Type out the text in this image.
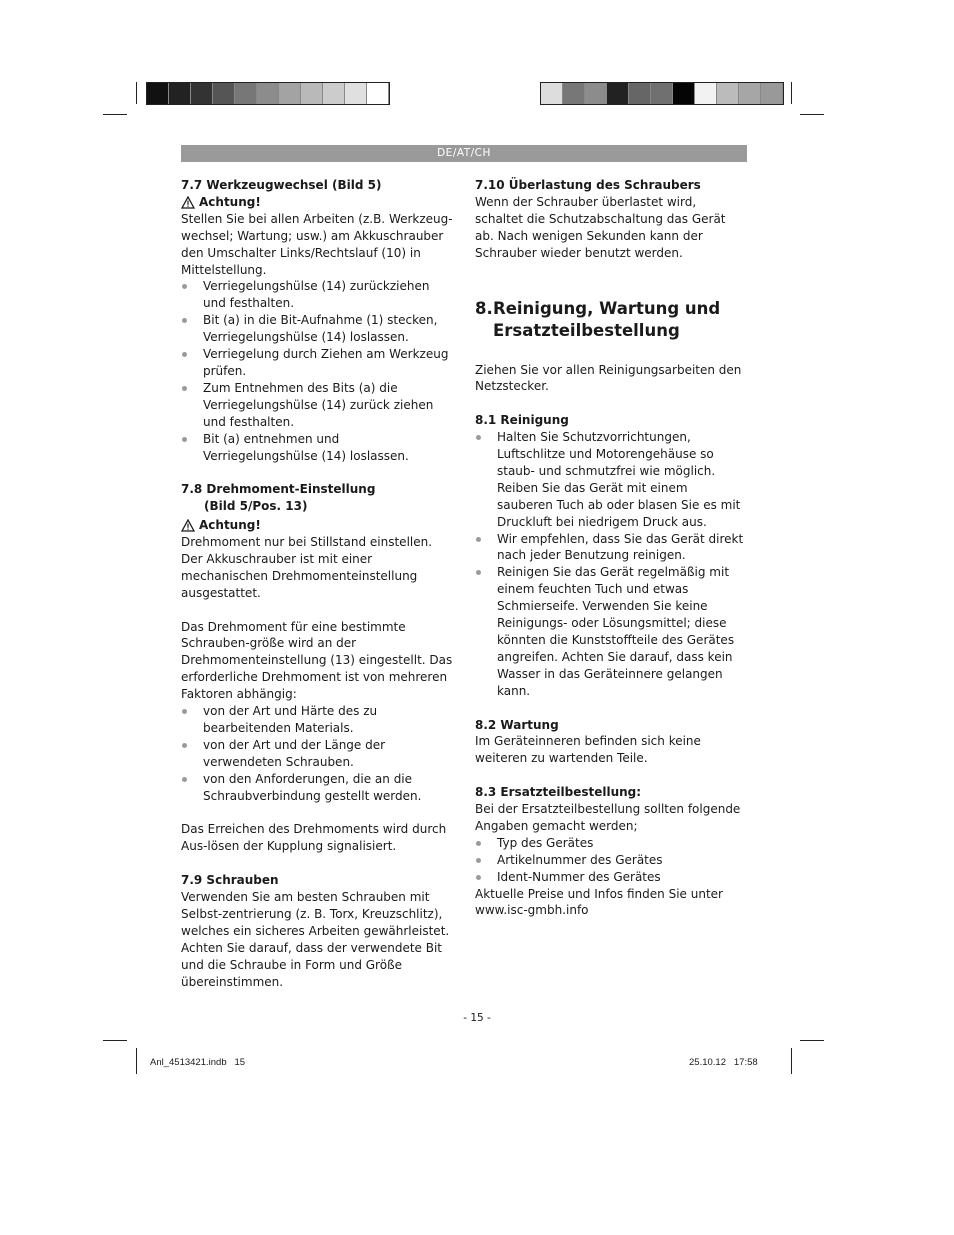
DE/AT/CH

7.7 Werkzeugwechsel (Bild 5)

Achtung!

Stellen Sie bei allen Arbeiten (z.B. Werkzeug-wechsel; Wartung; usw.) am Akkuschrauber den Umschalter Links/Rechtslauf (10) in Mittelstellung.

Verriegelungshülse (14) zurückziehen und festhalten.
Bit (a) in die Bit-Aufnahme (1) stecken, Verriegelungshülse (14) loslassen.
Verriegelung durch Ziehen am Werkzeug prüfen.
Zum Entnehmen des Bits (a) die Verriegelungshülse (14) zurück ziehen und festhalten.
Bit (a) entnehmen und Verriegelungshülse (14) loslassen.

7.8 Drehmoment-Einstellung

(Bild 5/Pos. 13)

Achtung!

Drehmoment nur bei Stillstand einstellen.

Der Akkuschrauber ist mit einer mechanischen Drehmomenteinstellung ausgestattet.

Das Drehmoment für eine bestimmte Schrauben-größe wird an der Drehmomenteinstellung (13) eingestellt. Das erforderliche Drehmoment ist von mehreren Faktoren abhängig:

von der Art und Härte des zu bearbeitenden Materials.
von der Art und der Länge der verwendeten Schrauben.
von den Anforderungen, die an die Schraubverbindung gestellt werden.

Das Erreichen des Drehmoments wird durch Aus-lösen der Kupplung signalisiert.

7.9 Schrauben

Verwenden Sie am besten Schrauben mit Selbst-zentrierung (z. B. Torx, Kreuzschlitz), welches ein sicheres Arbeiten gewährleistet. Achten Sie darauf, dass der verwendete Bit und die Schraube in Form und Größe übereinstimmen.

7.10 Überlastung des Schraubers

Wenn der Schrauber überlastet wird, schaltet die Schutzabschaltung das Gerät ab. Nach wenigen Sekunden kann der Schrauber wieder benutzt werden.

8. Reinigung, Wartung und
Ersatzteilbestellung

Ziehen Sie vor allen Reinigungsarbeiten den Netzstecker.

8.1 Reinigung

Halten Sie Schutzvorrichtungen, Luftschlitze und Motorengehäuse so staub- und schmutzfrei wie möglich. Reiben Sie das Gerät mit einem sauberen Tuch ab oder blasen Sie es mit Druckluft bei niedrigem Druck aus.
Wir empfehlen, dass Sie das Gerät direkt nach jeder Benutzung reinigen.
Reinigen Sie das Gerät regelmäßig mit einem feuchten Tuch und etwas Schmierseife. Verwenden Sie keine Reinigungs- oder Lösungsmittel; diese könnten die Kunststoffteile des Gerätes angreifen. Achten Sie darauf, dass kein Wasser in das Geräteinnere gelangen kann.

8.2 Wartung

Im Geräteinneren befinden sich keine weiteren zu wartenden Teile.

8.3 Ersatzteilbestellung:

Bei der Ersatzteilbestellung sollten folgende Angaben gemacht werden;

Typ des Gerätes
Artikelnummer des Gerätes
Ident-Nummer des Gerätes

Aktuelle Preise und Infos finden Sie unter www.isc-gmbh.info

- 15 -
Anl_4513421.indb   15	25.10.12   17:58
